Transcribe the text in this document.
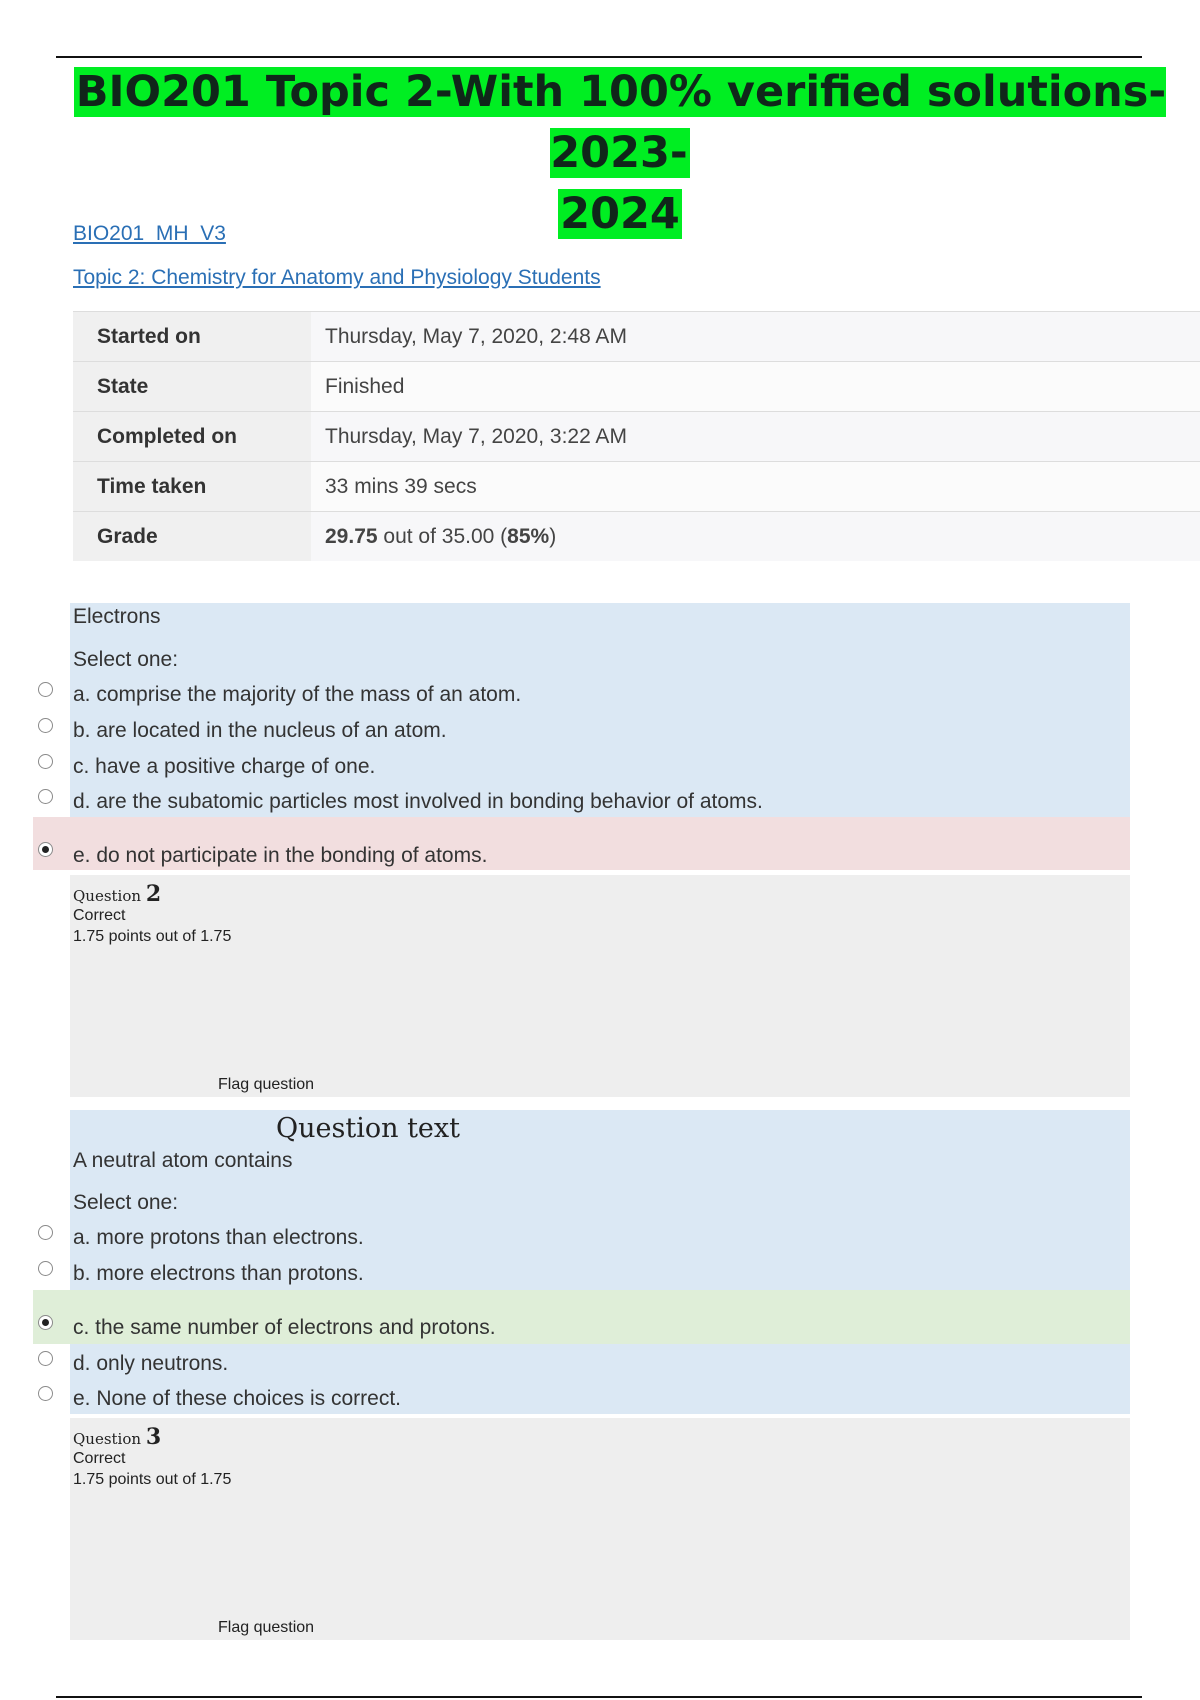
BIO201 Topic 2-With 100% verified solutions-2023-
2024
BIO201_MH_V3
Topic 2: Chemistry for Anatomy and Physiology Students
Started on	Thursday, May 7, 2020, 2:48 AM
State	Finished
Completed on	Thursday, May 7, 2020, 3:22 AM
Time taken	33 mins 39 secs
Grade	29.75 out of 35.00 (85%)
Electrons
Select one:
a. comprise the majority of the mass of an atom.
b. are located in the nucleus of an atom.
c. have a positive charge of one.
d. are the subatomic particles most involved in bonding behavior of atoms.
e. do not participate in the bonding of atoms.
Question 2
Correct
1.75 points out of 1.75
Flag question
Question text
A neutral atom contains
Select one:
a. more protons than electrons.
b. more electrons than protons.
c. the same number of electrons and protons.
d. only neutrons.
e. None of these choices is correct.
Question 3
Correct
1.75 points out of 1.75
Flag question
